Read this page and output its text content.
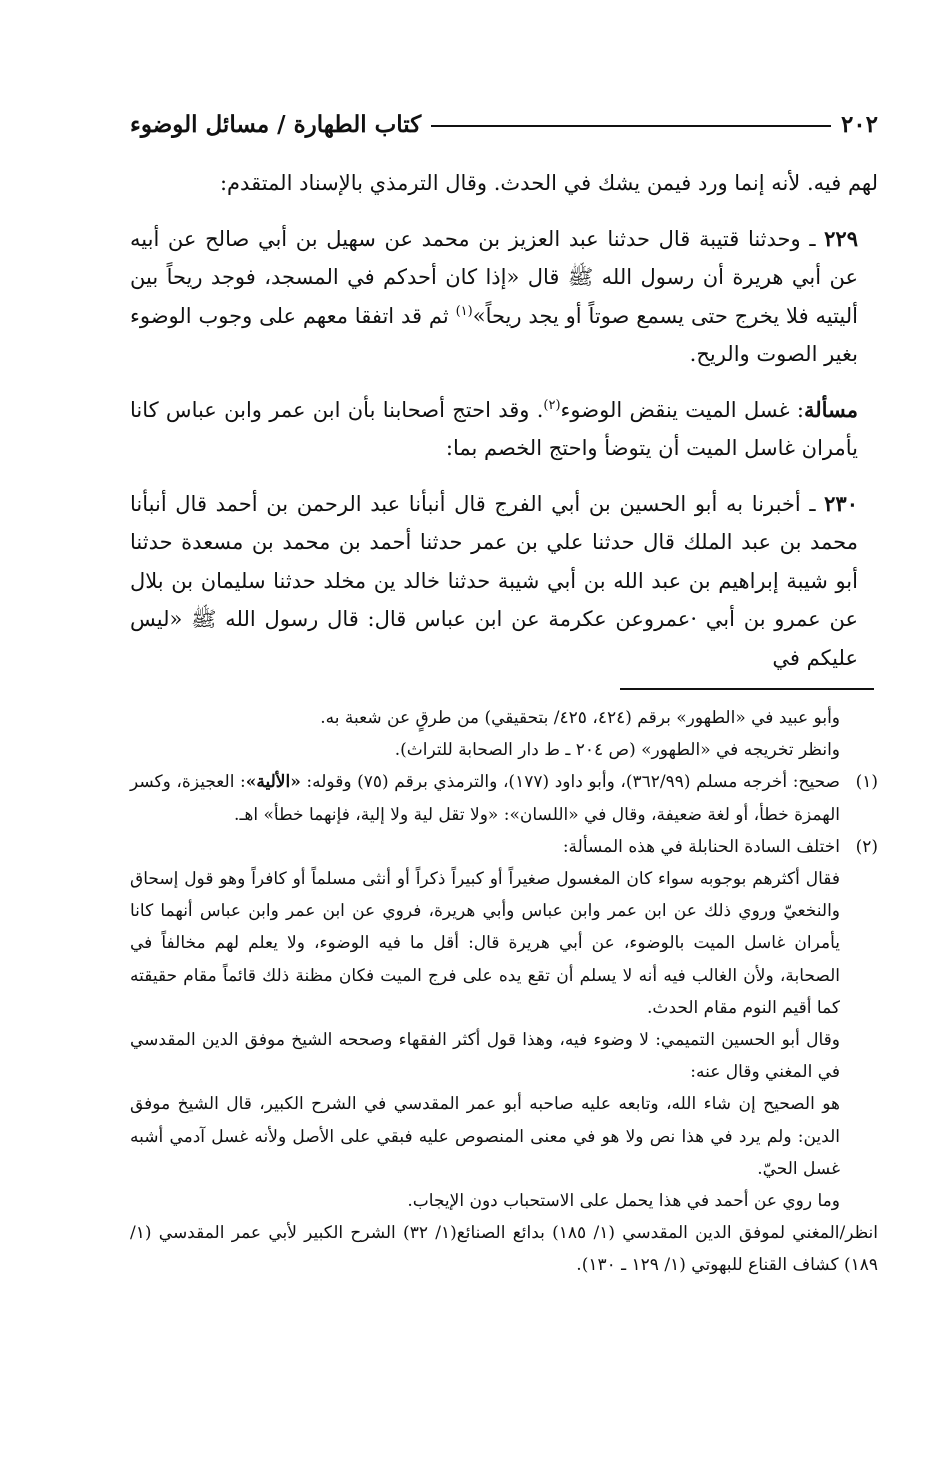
٢٠٢
كتاب الطهارة / مسائل الوضوء

لهم فيه. لأنه إنما ورد فيمن يشك في الحدث. وقال الترمذي بالإسناد المتقدم:

٢٢٩ ـ وحدثنا قتيبة قال حدثنا عبد العزيز بن محمد عن سهيل بن أبي صالح عن أبيه عن أبي هريرة أن رسول الله ﷺ قال «إذا كان أحدكم في المسجد، فوجد ريحاً بين أليتيه فلا يخرج حتى يسمع صوتاً أو يجد ريحاً»$^{(١)}$ ثم قد اتفقا معهم على وجوب الوضوء بغير الصوت والريح.

مسألة: غسل الميت ينقض الوضوء$^{(٢)}$. وقد احتج أصحابنا بأن ابن عمر وابن عباس كانا يأمران غاسل الميت أن يتوضأ واحتج الخصم بما:

٢٣٠ ـ أخبرنا به أبو الحسين بن أبي الفرج قال أنبأنا عبد الرحمن بن أحمد قال أنبأنا محمد بن عبد الملك قال حدثنا علي بن عمر حدثنا أحمد بن محمد بن مسعدة حدثنا أبو شيبة إبراهيم بن عبد الله بن أبي شيبة حدثنا خالد ين مخلد حدثنا سليمان بن بلال عن عمرو بن أبي ·عمروعن عكرمة عن ابن عباس قال: قال رسول الله ﷺ «ليس عليكم في

وأبو عبيد في «الطهور» برقم (٤٢٤، ٤٢٥/ بتحقيقي) من طرقٍ عن شعبة به.

وانظر تخريجه في «الطهور» (ص ٢٠٤ ـ ط دار الصحابة للتراث).

(١)
صحيح: أخرجه مسلم (٣٦٢/٩٩)، وأبو داود (١٧٧)، والترمذي برقم (٧٥) وقوله: «الألية»: العجيزة، وكسر الهمزة خطأ، أو لغة ضعيفة، وقال في «اللسان»: «ولا تقل لية ولا إلية، فإنهما خطأ» اهـ.
(٢)
اختلف السادة الحنابلة في هذه المسألة:

فقال أكثرهم بوجوبه سواء كان المغسول صغيراً أو كبيراً ذكراً أو أنثى مسلماً أو كافراً وهو قول إسحاق والنخعيّ وروي ذلك عن ابن عمر وابن عباس وأبي هريرة، فروي عن ابن عمر وابن عباس أنهما كانا يأمران غاسل الميت بالوضوء، عن أبي هريرة قال: أقل ما فيه الوضوء، ولا يعلم لهم مخالفاً في الصحابة، ولأن الغالب فيه أنه لا يسلم أن تقع يده على فرج الميت فكان مظنة ذلك قائماً مقام حقيقته كما أقيم النوم مقام الحدث.

وقال أبو الحسين التميمي: لا وضوء فيه، وهذا قول أكثر الفقهاء وصححه الشيخ موفق الدين المقدسي في المغني وقال عنه:

هو الصحيح إن شاء الله، وتابعه عليه صاحبه أبو عمر المقدسي في الشرح الكبير، قال الشيخ موفق الدين: ولم يرد في هذا نص ولا هو في معنى المنصوص عليه فبقي على الأصل ولأنه غسل آدمي أشبه غسل الحيّ.

وما روي عن أحمد في هذا يحمل على الاستحباب دون الإيجاب.

انظر/المغني لموفق الدين المقدسي (١/ ١٨٥) بدائع الصنائع(١/ ٣٢) الشرح الكبير لأبي عمر المقدسي (١/ ١٨٩) كشاف القناع للبهوتي (١/ ١٢٩ ـ ١٣٠).
